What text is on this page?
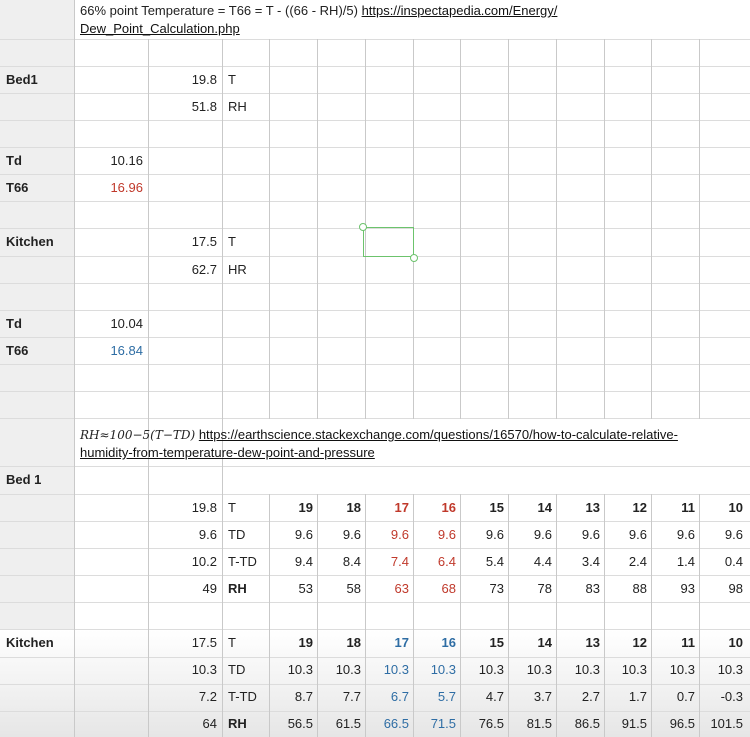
66% point Temperature = T66 = T - ((66 - RH)/5) https://inspectapedia.com/Energy/
Dew_Point_Calculation.php
Bed1	19.8 T
51.8 RH
Td	10.16
T66	16.96
Kitchen	17.5 T
62.7 HR
Td	10.04
T66	16.84
RH≈100−5(T−TD) https://earthscience.stackexchange.com/questions/16570/how-to-calculate-relative-
humidity-from-temperature-dew-point-and-pressure
Bed 1
19.8 T	19	18	17	16	15	14	13	12	11	10
9.6 TD	9.6	9.6	9.6	9.6	9.6	9.6	9.6	9.6	9.6	9.6
10.2 T-TD	9.4	8.4	7.4	6.4	5.4	4.4	3.4	2.4	1.4	0.4
49 RH	53	58	63	68	73	78	83	88	93	98
Kitchen	17.5 T	19	18	17	16	15	14	13	12	11	10
10.3 TD	10.3	10.3	10.3	10.3	10.3	10.3	10.3	10.3	10.3	10.3
7.2 T-TD	8.7	7.7	6.7	5.7	4.7	3.7	2.7	1.7	0.7	-0.3
64 RH	56.5	61.5	66.5	71.5	76.5	81.5	86.5	91.5	96.5	101.5
